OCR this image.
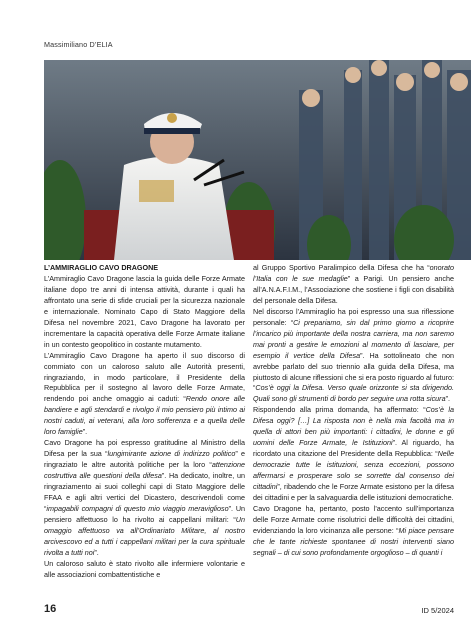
Massimiliano D’ELIA

L’AMMIRAGLIO CAVO DRAGONE
L’Ammiraglio Cavo Dragone lascia la guida delle Forze Armate italiane dopo tre anni di intensa attività, durante i quali ha affrontato una serie di sfide cruciali per la sicurezza nazionale e internazionale. Nominato Capo di Stato Maggiore della Difesa nel novembre 2021, Cavo Dragone ha lavorato per incrementare la capacità operativa delle Forze Armate italiane in un contesto geopolitico in costante mutamento.
L’Ammiraglio Cavo Dragone ha aperto il suo discorso di commiato con un caloroso saluto alle Autorità presenti, ringraziando, in modo particolare, il Presidente della Repubblica per il sostegno al lavoro delle Forze Armate, rendendo poi anche omaggio ai caduti: “Rendo onore alle bandiere e agli stendardi e rivolgo il mio pensiero più intimo ai nostri caduti, ai veterani, alla loro sofferenza e a quella delle loro famiglie”.
Cavo Dragone ha poi espresso gratitudine al Ministro della Difesa per la sua “lungimirante azione di indirizzo politico” e ringraziato le altre autorità politiche per la loro “attenzione costruttiva alle questioni della difesa”. Ha dedicato, inoltre, un ringraziamento ai suoi colleghi capi di Stato Maggiore delle FFAA e agli altri vertici del Dicastero, descrivendoli come “impagabili compagni di questo mio viaggio meraviglioso”. Un pensiero affettuoso lo ha rivolto ai cappellani militari: “Un omaggio affettuoso va all’Ordinariato Militare, al nostro arcivescovo ed a tutti i cappellani militari per la cura spirituale rivolta a tutti noi”.
Un caloroso saluto è stato rivolto alle infermiere volontarie e alle associazioni combattentistiche e

al Gruppo Sportivo Paralimpico della Difesa che ha “onorato l’Italia con le sue medaglie” a Parigi. Un pensiero anche all’A.N.A.F.I.M., l’Associazione che sostiene i figli con disabilità del personale della Difesa.
Nel discorso l’Ammiraglio ha poi espresso una sua riflessione personale: “Ci prepariamo, sin dal primo giorno a ricoprire l’incarico più importante della nostra carriera, ma non saremo mai pronti a gestire le emozioni al momento di lasciare, per esempio il vertice della Difesa”. Ha sottolineato che non avrebbe parlato del suo triennio alla guida della Difesa, ma piuttosto di alcune riflessioni che si era posto riguardo al futuro: “Cos’è oggi la Difesa. Verso quale orizzonte si sta dirigendo. Quali sono gli strumenti di bordo per seguire una rotta sicura”.
Rispondendo alla prima domanda, ha affermato: “Cos’è la Difesa oggi? […] La risposta non è nella mia facoltà ma in quella di attori ben più importanti: i cittadini, le donne e gli uomini delle Forze Armate, le Istituzioni”. Al riguardo, ha ricordato una citazione del Presidente della Repubblica: “Nelle democrazie tutte le istituzioni, senza eccezioni, possono affermarsi e prosperare solo se sorrette dal consenso dei cittadini”, ribadendo che le Forze Armate esistono per la difesa dei cittadini e per la salvaguardia delle istituzioni democratiche.
Cavo Dragone ha, pertanto, posto l’accento sull’importanza delle Forze Armate come risolutrici delle difficoltà dei cittadini, evidenziando la loro vicinanza alle persone: “Mi piace pensare che le tante richieste spontanee di nostri interventi siano segnali – di cui sono profondamente orgoglioso – di quanti i

16	ID 5/2024
